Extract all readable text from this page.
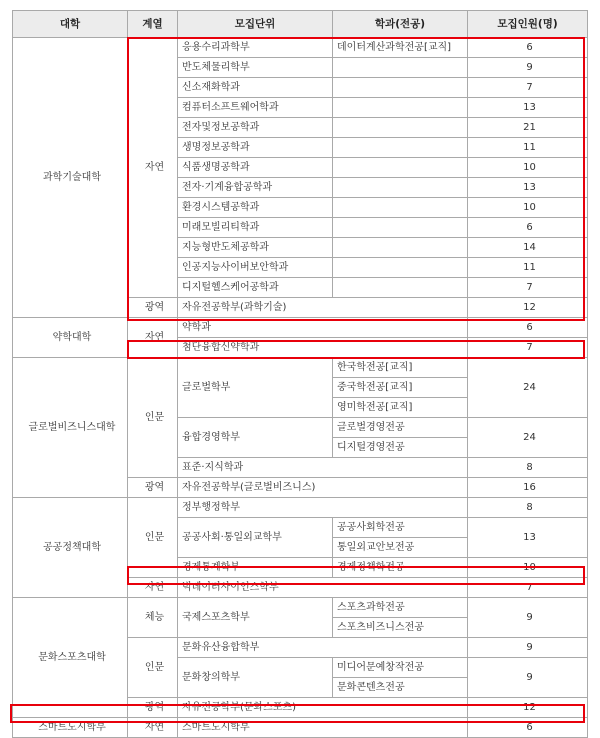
대학	계열	모집단위	학과(전공)	모집인원(명)
과학기술대학	자연	응용수리과학부	데이터계산과학전공[교직]	6
		반도체물리학부		9
		신소재화학과		7
		컴퓨터소프트웨어학과		13
		전자및정보공학과		21
		생명정보공학과		11
		식품생명공학과		10
		전자·기계융합공학과		13
		환경시스템공학과		10
		미래모빌리티학과		6
		지능형반도체공학과		14
		인공지능사이버보안학과		11
		디지털헬스케어공학과		7
	광역	자유전공학부(과학기술)		12
약학대학	자연	약학과		6
		첨단융합신약학과		7
글로벌비즈니스대학	인문	글로벌학부	한국학전공[교직]	24
			중국학전공[교직]	
			영미학전공[교직]	
		융합경영학부	글로벌경영전공	24
			디지털경영전공	
		표준·지식학과		8
	광역	자유전공학부(글로벌비즈니스)		16
공공정책대학	인문	정부행정학부		8
		공공사회·통일외교학부	공공사회학전공	13
			통일외교안보전공	
		경제통계학부	경제정책학전공	10
	자연	빅데이터사이언스학부		7
문화스포츠대학	체능	국제스포츠학부	스포츠과학전공	9
			스포츠비즈니스전공	
	인문	문화유산융합학부		9
		문화창의학부	미디어문예창작전공	9
			문화콘텐츠전공	
	광역	자유전공학부(문화스포츠)		12
스마트도시학부	자연	스마트도시학부		6
